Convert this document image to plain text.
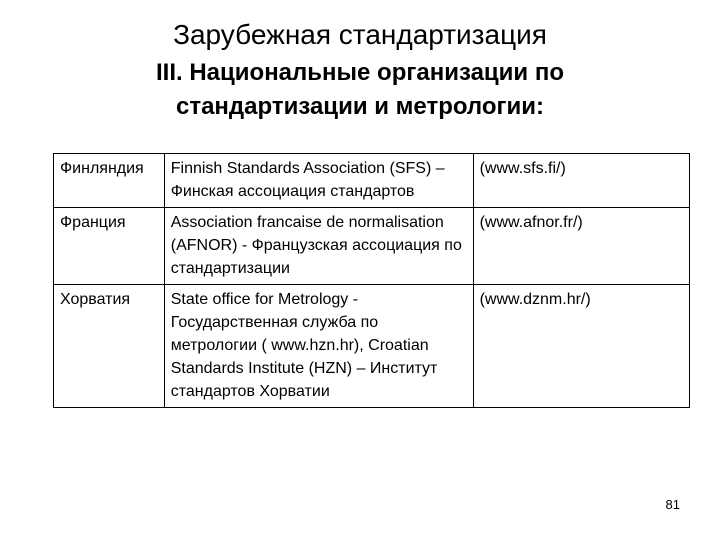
Зарубежная стандартизация
III. Национальные организации по стандартизации и метрологии:
Финляндия	Finnish Standards Association (SFS) – Финская ассоциация стандартов	(www.sfs.fi/)
Франция	Association francaise de normalisation (AFNOR) - Французская ассоциация по стандартизации	(www.afnor.fr/)
Хорватия	State office for Metrology - Государственная служба по метрологии ( www.hzn.hr), Croatian Standards Institute (HZN) – Институт стандартов Хорватии	(www.dznm.hr/)
81
